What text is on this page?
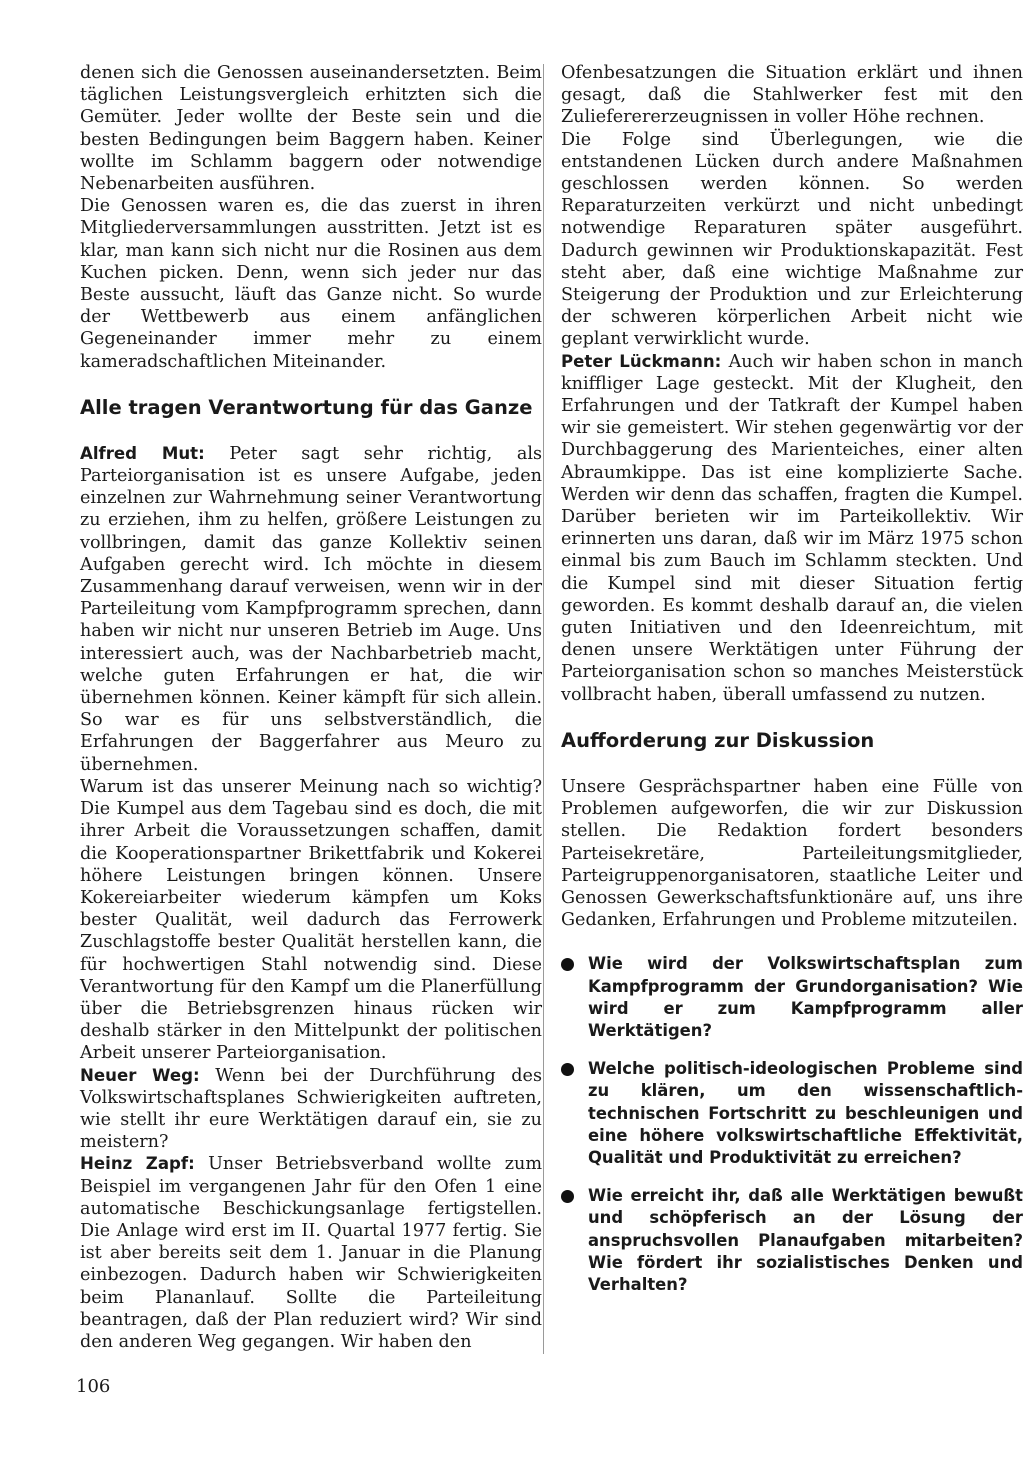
denen sich die Genossen auseinandersetzten. Beim täglichen Leistungsvergleich erhitzten sich die Gemüter. Jeder wollte der Beste sein und die besten Bedingungen beim Baggern haben. Keiner wollte im Schlamm baggern oder notwendige Nebenarbeiten ausführen.

Die Genossen waren es, die das zuerst in ihren Mitgliederversammlungen ausstritten. Jetzt ist es klar, man kann sich nicht nur die Rosinen aus dem Kuchen picken. Denn, wenn sich jeder nur das Beste aussucht, läuft das Ganze nicht. So wurde der Wettbewerb aus einem anfänglichen Gegeneinander immer mehr zu einem kameradschaftlichen Miteinander.

Alle tragen Verantwortung für das Ganze

Alfred Mut: Peter sagt sehr richtig, als Parteiorganisation ist es unsere Aufgabe, jeden einzelnen zur Wahrnehmung seiner Verantwortung zu erziehen, ihm zu helfen, größere Leistungen zu vollbringen, damit das ganze Kollektiv seinen Aufgaben gerecht wird. Ich möchte in diesem Zusammenhang darauf verweisen, wenn wir in der Parteileitung vom Kampfprogramm sprechen, dann haben wir nicht nur unseren Betrieb im Auge. Uns interessiert auch, was der Nachbarbetrieb macht, welche guten Erfahrungen er hat, die wir übernehmen können. Keiner kämpft für sich allein. So war es für uns selbstverständlich, die Erfahrungen der Baggerfahrer aus Meuro zu übernehmen.

Warum ist das unserer Meinung nach so wichtig? Die Kumpel aus dem Tagebau sind es doch, die mit ihrer Arbeit die Voraussetzungen schaffen, damit die Kooperationspartner Brikettfabrik und Kokerei höhere Leistungen bringen können. Unsere Kokereiarbeiter wiederum kämpfen um Koks bester Qualität, weil dadurch das Ferrowerk Zuschlagstoffe bester Qualität herstellen kann, die für hochwertigen Stahl notwendig sind. Diese Verantwortung für den Kampf um die Planerfüllung über die Betriebsgrenzen hinaus rücken wir deshalb stärker in den Mittelpunkt der politischen Arbeit unserer Parteiorganisation.

Neuer Weg: Wenn bei der Durchführung des Volkswirtschaftsplanes Schwierigkeiten auftreten, wie stellt ihr eure Werktätigen darauf ein, sie zu meistern?

Heinz Zapf: Unser Betriebsverband wollte zum Beispiel im vergangenen Jahr für den Ofen 1 eine automatische Beschickungsanlage fertigstellen. Die Anlage wird erst im II. Quartal 1977 fertig. Sie ist aber bereits seit dem 1. Januar in die Planung einbezogen. Dadurch haben wir Schwierigkeiten beim Plananlauf. Sollte die Parteileitung beantragen, daß der Plan reduziert wird? Wir sind den anderen Weg gegangen. Wir haben den

Ofenbesatzungen die Situation erklärt und ihnen gesagt, daß die Stahlwerker fest mit den Zulieferererzeugnissen in voller Höhe rechnen.

Die Folge sind Überlegungen, wie die entstandenen Lücken durch andere Maßnahmen geschlossen werden können. So werden Reparaturzeiten verkürzt und nicht unbedingt notwendige Reparaturen später ausgeführt. Dadurch gewinnen wir Produktionskapazität. Fest steht aber, daß eine wichtige Maßnahme zur Steigerung der Produktion und zur Erleichterung der schweren körperlichen Arbeit nicht wie geplant verwirklicht wurde.

Peter Lückmann: Auch wir haben schon in manch kniffliger Lage gesteckt. Mit der Klugheit, den Erfahrungen und der Tatkraft der Kumpel haben wir sie gemeistert. Wir stehen gegenwärtig vor der Durchbaggerung des Marienteiches, einer alten Abraumkippe. Das ist eine komplizierte Sache. Werden wir denn das schaffen, fragten die Kumpel. Darüber berieten wir im Parteikollektiv. Wir erinnerten uns daran, daß wir im März 1975 schon einmal bis zum Bauch im Schlamm steckten. Und die Kumpel sind mit dieser Situation fertig geworden. Es kommt deshalb darauf an, die vielen guten Initiativen und den Ideenreichtum, mit denen unsere Werktätigen unter Führung der Parteiorganisation schon so manches Meisterstück vollbracht haben, überall umfassend zu nutzen.

Aufforderung zur Diskussion

Unsere Gesprächspartner haben eine Fülle von Problemen aufgeworfen, die wir zur Diskussion stellen. Die Redaktion fordert besonders Parteisekretäre, Parteileitungsmitglieder, Parteigruppenorganisatoren, staatliche Leiter und Genossen Gewerkschaftsfunktionäre auf, uns ihre Gedanken, Erfahrungen und Probleme mitzuteilen.

Wie wird der Volkswirtschaftsplan zum Kampfprogramm der Grundorganisation? Wie wird er zum Kampfprogramm aller Werktätigen?
Welche politisch-ideologischen Probleme sind zu klären, um den wissenschaftlich-technischen Fortschritt zu beschleunigen und eine höhere volkswirtschaftliche Effektivität, Qualität und Produktivität zu erreichen?
Wie erreicht ihr, daß alle Werktätigen bewußt und schöpferisch an der Lösung der anspruchsvollen Planaufgaben mitarbeiten? Wie fördert ihr sozialistisches Denken und Verhalten?
106
